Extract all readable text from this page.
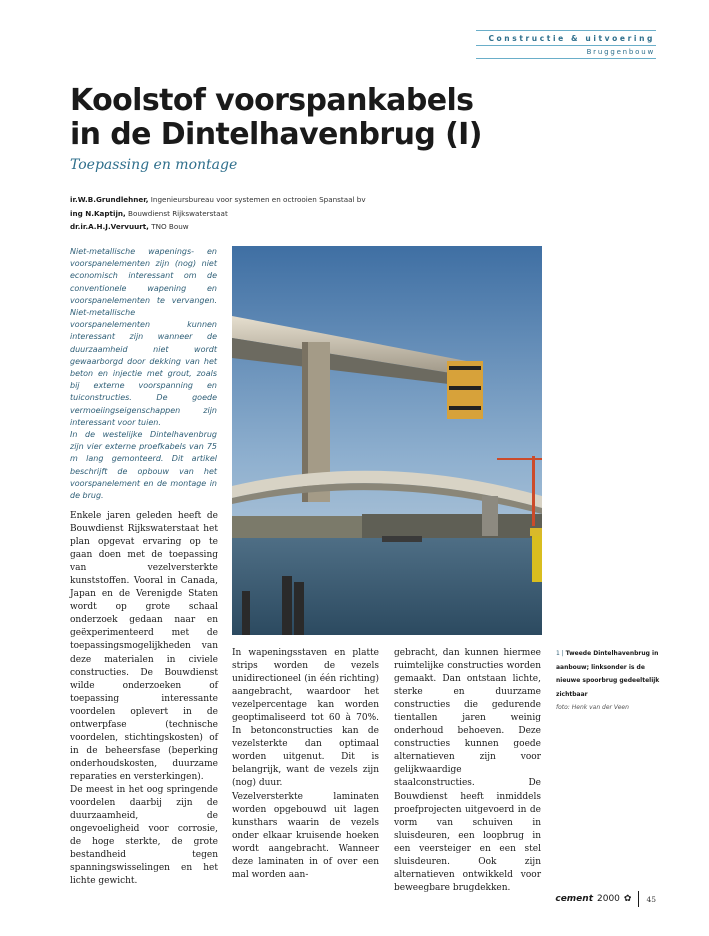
Constructie & uitvoering
Bruggenbouw
Koolstof voorspankabels
in de Dintelhavenbrug (I)
Toepassing en montage
ir.W.B.Grundlehner, Ingenieursbureau voor systemen en octrooien Spanstaal bv
ing N.Kaptijn, Bouwdienst Rijkswaterstaat
dr.ir.A.H.J.Vervuurt, TNO Bouw
Niet-metallische wapenings- en voorspanelementen zijn (nog) niet economisch interessant om de conventionele wapening en voorspanelementen te vervangen. Niet-metallische voorspanelementen kunnen interessant zijn wanneer de duurzaamheid niet wordt gewaarborgd door dekking van het beton en injectie met grout, zoals bij externe voorspanning en tuiconstructies. De goede vermoeiingseigenschappen zijn interessant voor tuien.
In de westelijke Dintelhavenbrug zijn vier externe proefkabels van 75 m lang gemonteerd. Dit artikel beschrijft de opbouw van het voorspanelement en de montage in de brug.
Enkele jaren geleden heeft de Bouwdienst Rijkswaterstaat het plan opgevat ervaring op te gaan doen met de toepassing van vezelversterkte kunststoffen. Vooral in Canada, Japan en de Verenigde Staten wordt op grote schaal onderzoek gedaan naar en geëxperimenteerd met de toepassingsmogelijkheden van deze materialen in civiele constructies. De Bouwdienst wilde onderzoeken of toepassing interessante voordelen oplevert in de ontwerpfase (technische voordelen, stichtingskosten) of in de beheersfase (beperking onderhoudskosten, duurzame reparaties en versterkingen).
De meest in het oog springende voordelen daarbij zijn de duurzaamheid, de ongevoeligheid voor corrosie, de hoge sterkte, de grote bestandheid tegen spanningswisselingen en het lichte gewicht.
In wapeningsstaven en platte strips worden de vezels unidirectioneel (in één richting) aangebracht, waardoor het vezelpercentage kan worden geoptimaliseerd tot 60 à 70%. In betonconstructies kan de vezelsterkte dan optimaal worden uitgenut. Dit is belangrijk, want de vezels zijn (nog) duur.
Vezelversterkte laminaten worden opgebouwd uit lagen kunsthars waarin de vezels onder elkaar kruisende hoeken wordt aangebracht. Wanneer deze laminaten in of over een mal worden aan-
gebracht, dan kunnen hiermee ruimtelijke constructies worden gemaakt. Dan ontstaan lichte, sterke en duurzame constructies die gedurende tientallen jaren weinig onderhoud behoeven. Deze constructies kunnen goede alternatieven zijn voor gelijkwaardige staalconstructies. De Bouwdienst heeft inmiddels proefprojecten uitgevoerd in de vorm van schuiven in sluisdeuren, een loopbrug in een veersteiger en een stel sluisdeuren. Ook zijn alternatieven ontwikkeld voor beweegbare brugdekken.
1 | Tweede Dintelhavenbrug in aanbouw; linksonder is de nieuwe spoorbrug gedeeltelijk zichtbaar
foto: Henk van der Veen
cement 2000 ✿ 45
